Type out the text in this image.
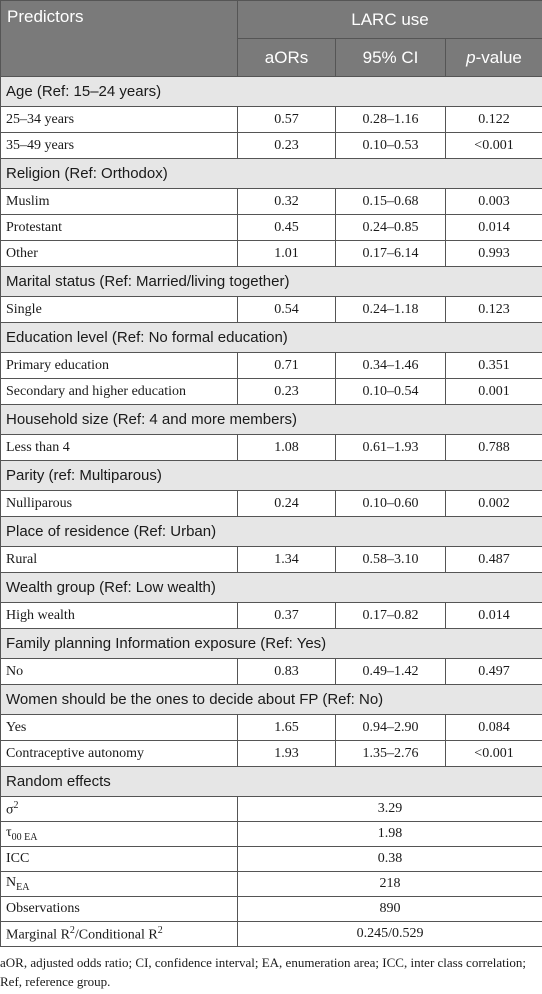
Predictors	LARC use		
	aORs	95% CI	p-value
Age (Ref: 15–24 years)			
25–34 years	0.57	0.28–1.16	0.122
35–49 years	0.23	0.10–0.53	<0.001
Religion (Ref: Orthodox)			
Muslim	0.32	0.15–0.68	0.003
Protestant	0.45	0.24–0.85	0.014
Other	1.01	0.17–6.14	0.993
Marital status (Ref: Married/living together)			
Single	0.54	0.24–1.18	0.123
Education level (Ref: No formal education)			
Primary education	0.71	0.34–1.46	0.351
Secondary and higher education	0.23	0.10–0.54	0.001
Household size (Ref: 4 and more members)			
Less than 4	1.08	0.61–1.93	0.788
Parity (ref: Multiparous)			
Nulliparous	0.24	0.10–0.60	0.002
Place of residence (Ref: Urban)			
Rural	1.34	0.58–3.10	0.487
Wealth group (Ref: Low wealth)			
High wealth	0.37	0.17–0.82	0.014
Family planning Information exposure (Ref: Yes)			
No	0.83	0.49–1.42	0.497
Women should be the ones to decide about FP (Ref: No)			
Yes	1.65	0.94–2.90	0.084
Contraceptive autonomy	1.93	1.35–2.76	<0.001
Random effects			
$\sigma^2$	3.29		
$\tau_{00 EA}$	1.98		
ICC	0.38		
$N_{EA}$	218		
Observations	890		
Marginal $R^2$/Conditional $R^2$	0.245/0.529		
aOR, adjusted odds ratio; CI, confidence interval; EA, enumeration area; ICC, inter class correlation; Ref, reference group.
